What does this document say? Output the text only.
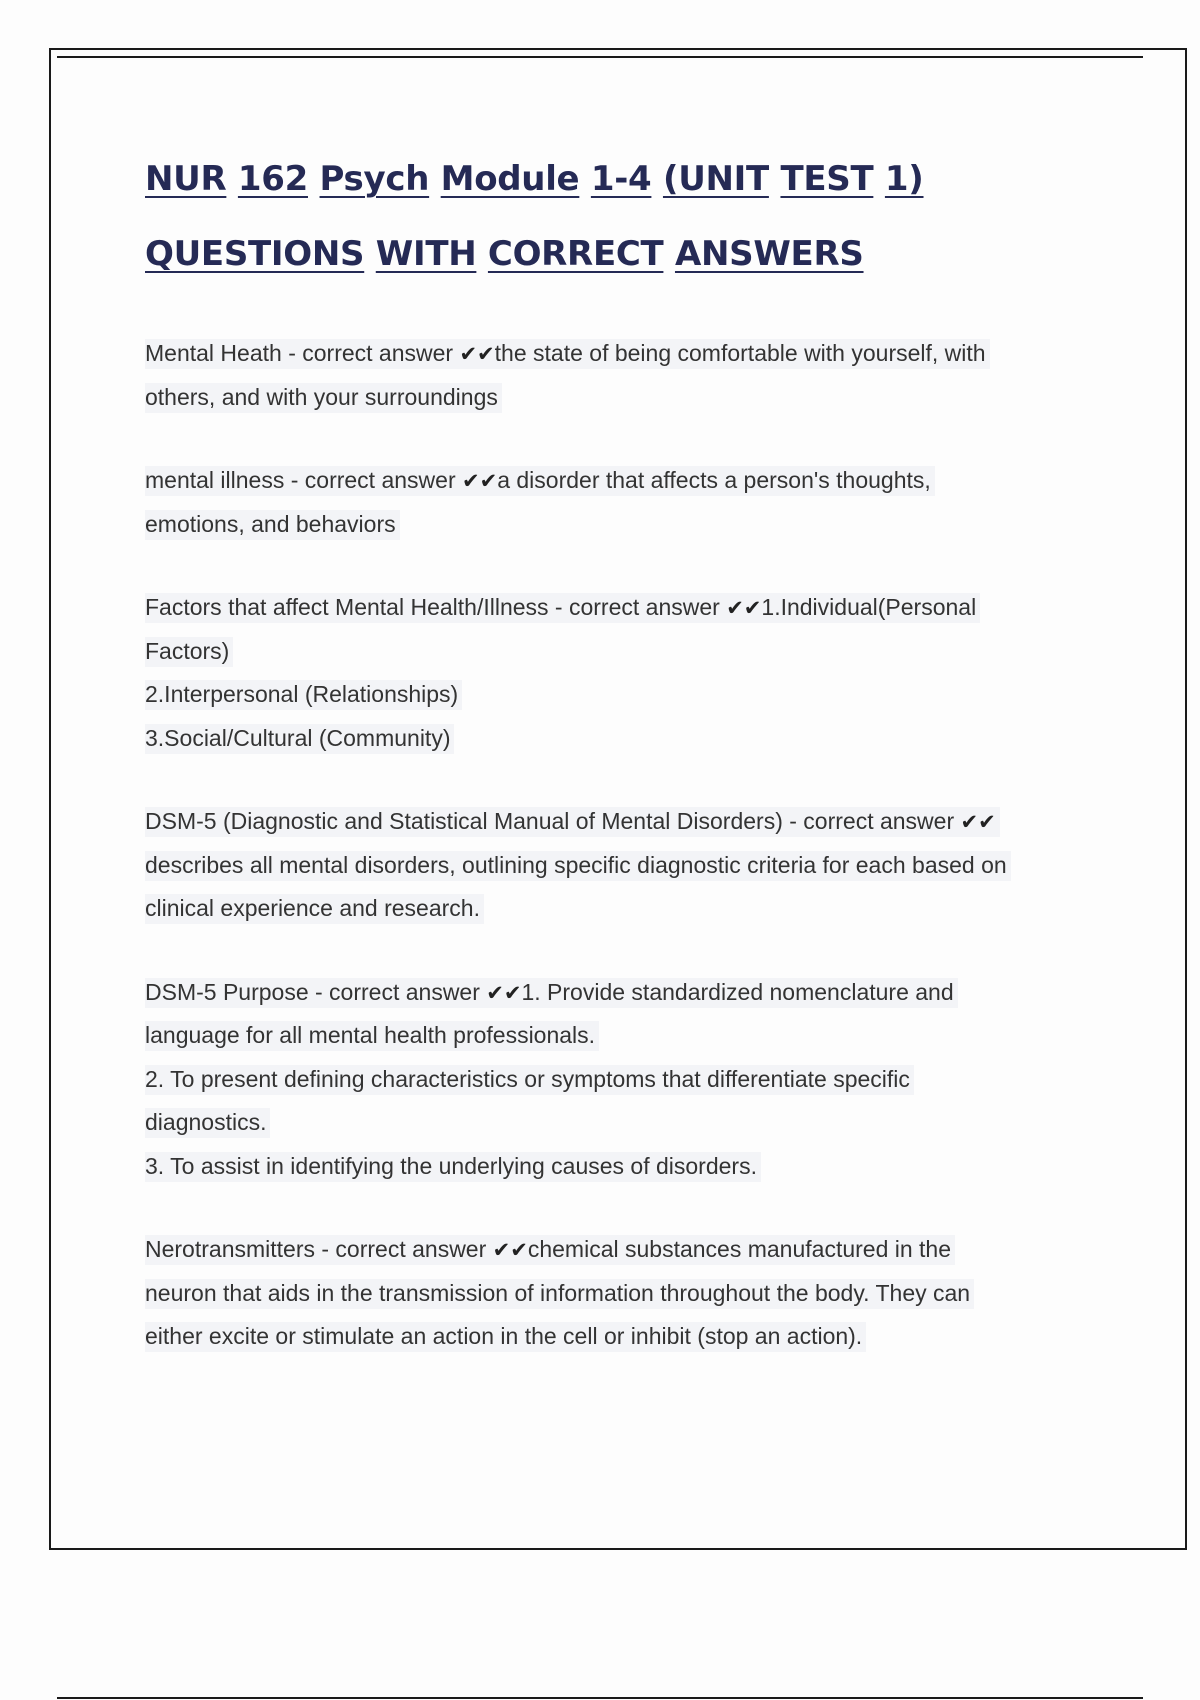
NUR 162 Psych Module 1-4 (UNIT TEST 1)
QUESTIONS WITH CORRECT ANSWERS
Mental Heath - correct answer ✔✔the state of being comfortable with yourself, with
others, and with your surroundings
mental illness - correct answer ✔✔a disorder that affects a person's thoughts,
emotions, and behaviors
Factors that affect Mental Health/Illness - correct answer ✔✔1.Individual(Personal
Factors)
2.Interpersonal (Relationships)
3.Social/Cultural (Community)
DSM-5 (Diagnostic and Statistical Manual of Mental Disorders) - correct answer ✔✔
describes all mental disorders, outlining specific diagnostic criteria for each based on
clinical experience and research.
DSM-5 Purpose - correct answer ✔✔1. Provide standardized nomenclature and
language for all mental health professionals.
2. To present defining characteristics or symptoms that differentiate specific
diagnostics.
3. To assist in identifying the underlying causes of disorders.
Nerotransmitters - correct answer ✔✔chemical substances manufactured in the
neuron that aids in the transmission of information throughout the body. They can
either excite or stimulate an action in the cell or inhibit (stop an action).
